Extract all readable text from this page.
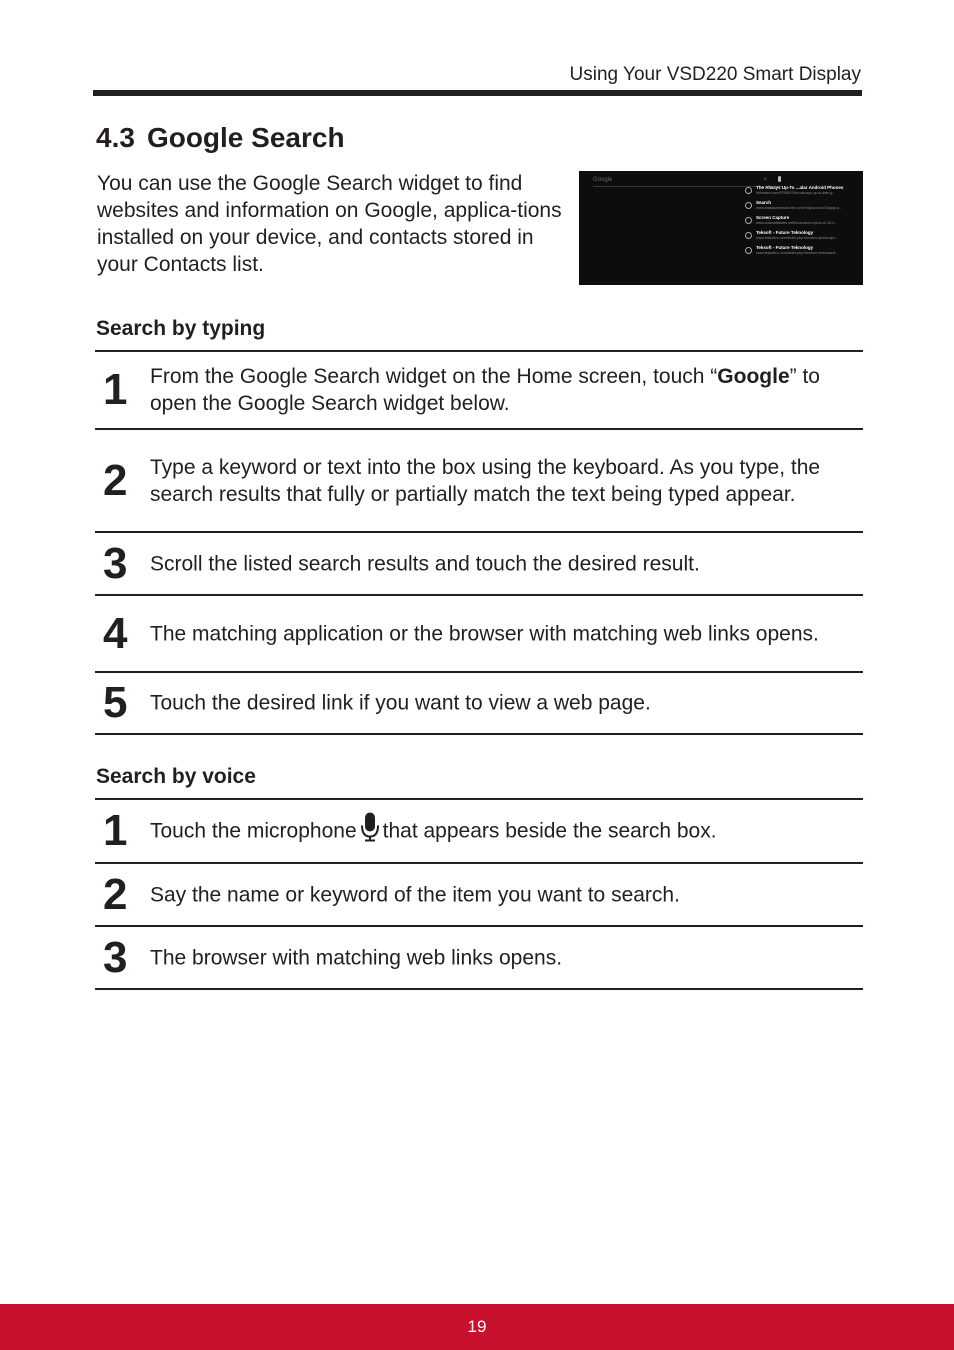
Using Your VSD220 Smart Display
4.3 Google Search

You can use the Google Search widget to find websites and information on Google, applica-tions installed on your device, and contacts stored in your Contacts list.

Google	×
The Always Up-To ...alar Android Phones
9tifunbes.com/9795597/the-always-up-to-date-g...
Search
www.easybusinessincme.com/?ckpscurck=02ppg=a...
Screen Capture
www.androidtablets.net/forum/ssm-cprvio-of-10-3...
Teksoft - Future Teknology
www.teksoftco.com/index.php?section=productpu...
Teksoft - Future Teknology
www.teksoftco.com/index.php?section=freesownfi...
Search by typing
1 From the Google Search widget on the Home screen, touch “Google” to open the Google Search widget below.
2 Type a keyword or text into the box using the keyboard. As you type, the search results that fully or partially match the text being typed appear.
3 Scroll the listed search results and touch the desired result.
4 The matching application or the browser with matching web links opens.
5 Touch the desired link if you want to view a web page.
Search by voice
1 Touch the microphone that appears beside the search box.
2 Say the name or keyword of the item you want to search.
3 The browser with matching web links opens.
19
